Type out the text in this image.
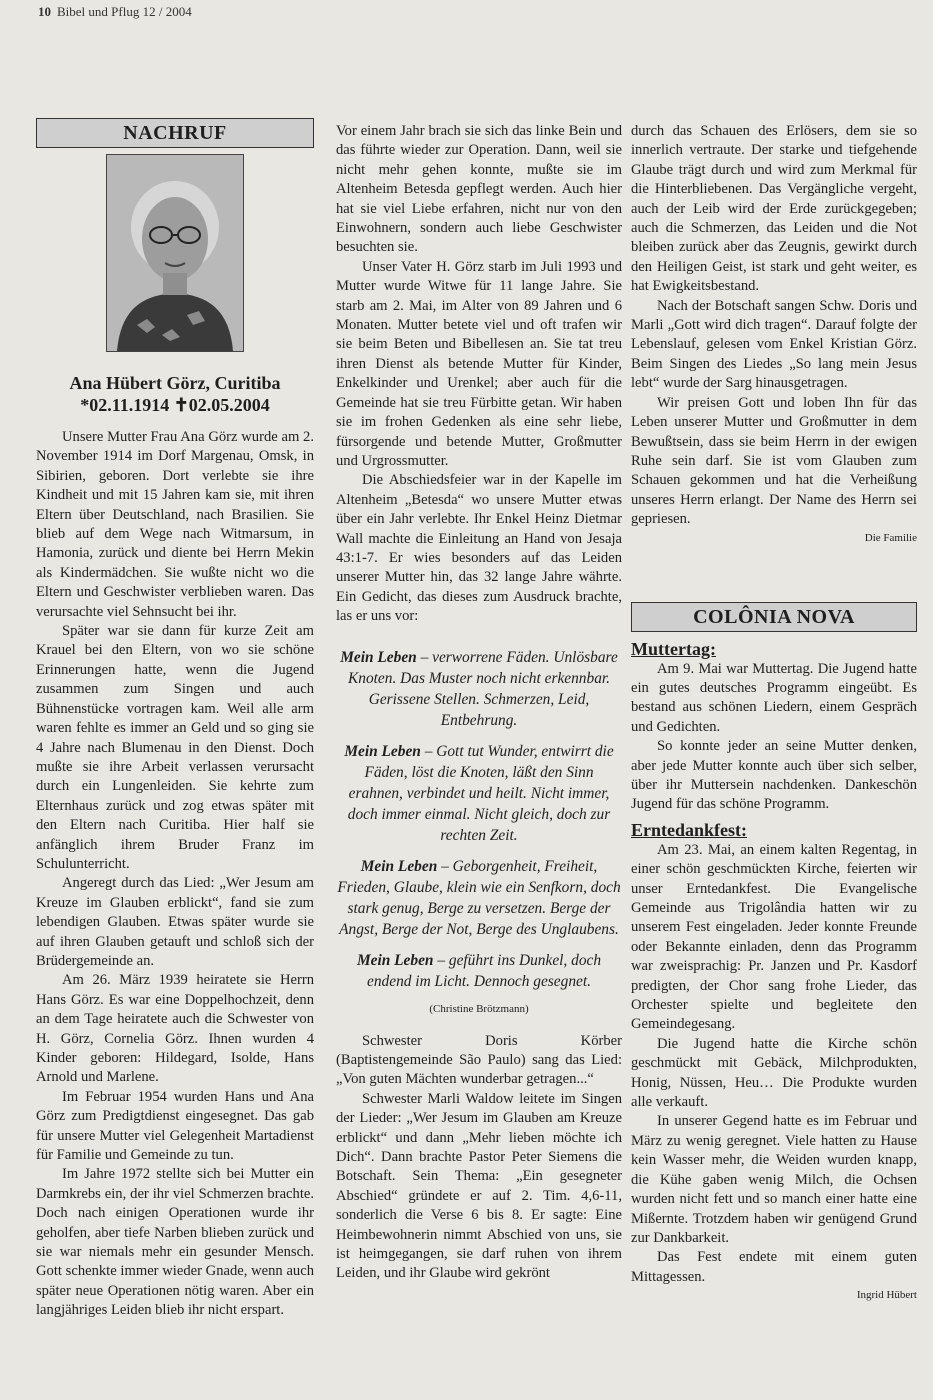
10 Bibel und Pflug 12 / 2004
NACHRUF
Ana Hübert Görz, Curitiba
*02.11.1914 ✝02.05.2004

Unsere Mutter Frau Ana Görz wurde am 2. November 1914 im Dorf Margenau, Omsk, in Sibirien, geboren. Dort verlebte sie ihre Kindheit und mit 15 Jahren kam sie, mit ihren Eltern über Deutschland, nach Brasilien. Sie blieb auf dem Wege nach Witmarsum, in Hamonia, zurück und diente bei Herrn Mekin als Kindermädchen. Sie wußte nicht wo die Eltern und Geschwister verblieben waren. Das verursachte viel Sehnsucht bei ihr.

Später war sie dann für kurze Zeit am Krauel bei den Eltern, von wo sie schöne Erinnerungen hatte, wenn die Jugend zusammen zum Singen und auch Bühnenstücke vortragen kam. Weil alle arm waren fehlte es immer an Geld und so ging sie 4 Jahre nach Blumenau in den Dienst. Doch mußte sie ihre Arbeit verlassen verursacht durch ein Lungenleiden. Sie kehrte zum Elternhaus zurück und zog etwas später mit den Eltern nach Curitiba. Hier half sie anfänglich ihrem Bruder Franz im Schulunterricht.

Angeregt durch das Lied: „Wer Jesum am Kreuze im Glauben erblickt“, fand sie zum lebendigen Glauben. Etwas später wurde sie auf ihren Glauben getauft und schloß sich der Brüdergemeinde an.

Am 26. März 1939 heiratete sie Herrn Hans Görz. Es war eine Doppelhochzeit, denn an dem Tage heiratete auch die Schwester von H. Görz, Cornelia Görz. Ihnen wurden 4 Kinder geboren: Hildegard, Isolde, Hans Arnold und Marlene.

Im Februar 1954 wurden Hans und Ana Görz zum Predigtdienst eingesegnet. Das gab für unsere Mutter viel Gelegenheit Martadienst für Familie und Gemeinde zu tun.

Im Jahre 1972 stellte sich bei Mutter ein Darmkrebs ein, der ihr viel Schmerzen brachte. Doch nach einigen Operationen wurde ihr geholfen, aber tiefe Narben blieben zurück und sie war niemals mehr ein gesunder Mensch. Gott schenkte immer wieder Gnade, wenn auch später neue Operationen nötig waren. Aber ein langjähriges Leiden blieb ihr nicht erspart.

Vor einem Jahr brach sie sich das linke Bein und das führte wieder zur Operation. Dann, weil sie nicht mehr gehen konnte, mußte sie im Altenheim Betesda gepflegt werden. Auch hier hat sie viel Liebe erfahren, nicht nur von den Einwohnern, sondern auch liebe Geschwister besuchten sie.

Unser Vater H. Görz starb im Juli 1993 und Mutter wurde Witwe für 11 lange Jahre. Sie starb am 2. Mai, im Alter von 89 Jahren und 6 Monaten. Mutter betete viel und oft trafen wir sie beim Beten und Bibellesen an. Sie tat treu ihren Dienst als betende Mutter für Kinder, Enkelkinder und Urenkel; aber auch für die Gemeinde hat sie treu Fürbitte getan. Wir haben sie im frohen Gedenken als eine sehr liebe, fürsorgende und betende Mutter, Großmutter und Urgrossmutter.

Die Abschiedsfeier war in der Kapelle im Altenheim „Betesda“ wo unsere Mutter etwas über ein Jahr verlebte. Ihr Enkel Heinz Dietmar Wall machte die Einleitung an Hand von Jesaja 43:1-7. Er wies besonders auf das Leiden unserer Mutter hin, das 32 lange Jahre währte. Ein Gedicht, das dieses zum Ausdruck brachte, las er uns vor:

Mein Leben – verworrene Fäden. Unlösbare Knoten. Das Muster noch nicht erkennbar. Gerissene Stellen. Schmerzen, Leid, Entbehrung.
Mein Leben – Gott tut Wunder, entwirrt die Fäden, löst die Knoten, läßt den Sinn erahnen, verbindet und heilt. Nicht immer, doch immer einmal. Nicht gleich, doch zur rechten Zeit.
Mein Leben – Geborgenheit, Freiheit, Frieden, Glaube, klein wie ein Senfkorn, doch stark genug, Berge zu versetzen. Berge der Angst, Berge der Not, Berge des Unglaubens.
Mein Leben – geführt ins Dunkel, doch endend im Licht. Dennoch gesegnet.
(Christine Brötzmann)

Schwester Doris Körber (Baptistengemeinde São Paulo) sang das Lied: „Von guten Mächten wunderbar getragen...“

Schwester Marli Waldow leitete im Singen der Lieder: „Wer Jesum im Glauben am Kreuze erblickt“ und dann „Mehr lieben möchte ich Dich“. Dann brachte Pastor Peter Siemens die Botschaft. Sein Thema: „Ein gesegneter Abschied“ gründete er auf 2. Tim. 4,6-11, sonderlich die Verse 6 bis 8. Er sagte: Eine Heimbewohnerin nimmt Abschied von uns, sie ist heimgegangen, sie darf ruhen von ihrem Leiden, und ihr Glaube wird gekrönt

durch das Schauen des Erlösers, dem sie so innerlich vertraute. Der starke und tiefgehende Glaube trägt durch und wird zum Merkmal für die Hinterbliebenen. Das Vergängliche vergeht, auch der Leib wird der Erde zurückgegeben; auch die Schmerzen, das Leiden und die Not bleiben zurück aber das Zeugnis, gewirkt durch den Heiligen Geist, ist stark und geht weiter, es hat Ewigkeitsbestand.

Nach der Botschaft sangen Schw. Doris und Marli „Gott wird dich tragen“. Darauf folgte der Lebenslauf, gelesen vom Enkel Kristian Görz. Beim Singen des Liedes „So lang mein Jesus lebt“ wurde der Sarg hinausgetragen.

Wir preisen Gott und loben Ihn für das Leben unserer Mutter und Großmutter in dem Bewußtsein, dass sie beim Herrn in der ewigen Ruhe sein darf. Sie ist vom Glauben zum Schauen gekommen und hat die Verheißung unseres Herrn erlangt. Der Name des Herrn sei gepriesen.

Die Familie
COLÔNIA NOVA
Muttertag:

Am 9. Mai war Muttertag. Die Jugend hatte ein gutes deutsches Programm eingeübt. Es bestand aus schönen Liedern, einem Gespräch und Gedichten.

So konnte jeder an seine Mutter denken, aber jede Mutter konnte auch über sich selber, über ihr Muttersein nachdenken. Dankeschön Jugend für das schöne Programm.

Erntedankfest:

Am 23. Mai, an einem kalten Regentag, in einer schön geschmückten Kirche, feierten wir unser Erntedankfest. Die Evangelische Gemeinde aus Trigolândia hatten wir zu unserem Fest eingeladen. Jeder konnte Freunde oder Bekannte einladen, denn das Programm war zweisprachig: Pr. Janzen und Pr. Kasdorf predigten, der Chor sang frohe Lieder, das Orchester spielte und begleitete den Gemeindegesang.

Die Jugend hatte die Kirche schön geschmückt mit Gebäck, Milchprodukten, Honig, Nüssen, Heu… Die Produkte wurden alle verkauft.

In unserer Gegend hatte es im Februar und März zu wenig geregnet. Viele hatten zu Hause kein Wasser mehr, die Weiden wurden knapp, die Kühe gaben wenig Milch, die Ochsen wurden nicht fett und so manch einer hatte eine Mißernte. Trotzdem haben wir genügend Grund zur Dankbarkeit.

Das Fest endete mit einem guten Mittagessen.

Ingrid Hübert
